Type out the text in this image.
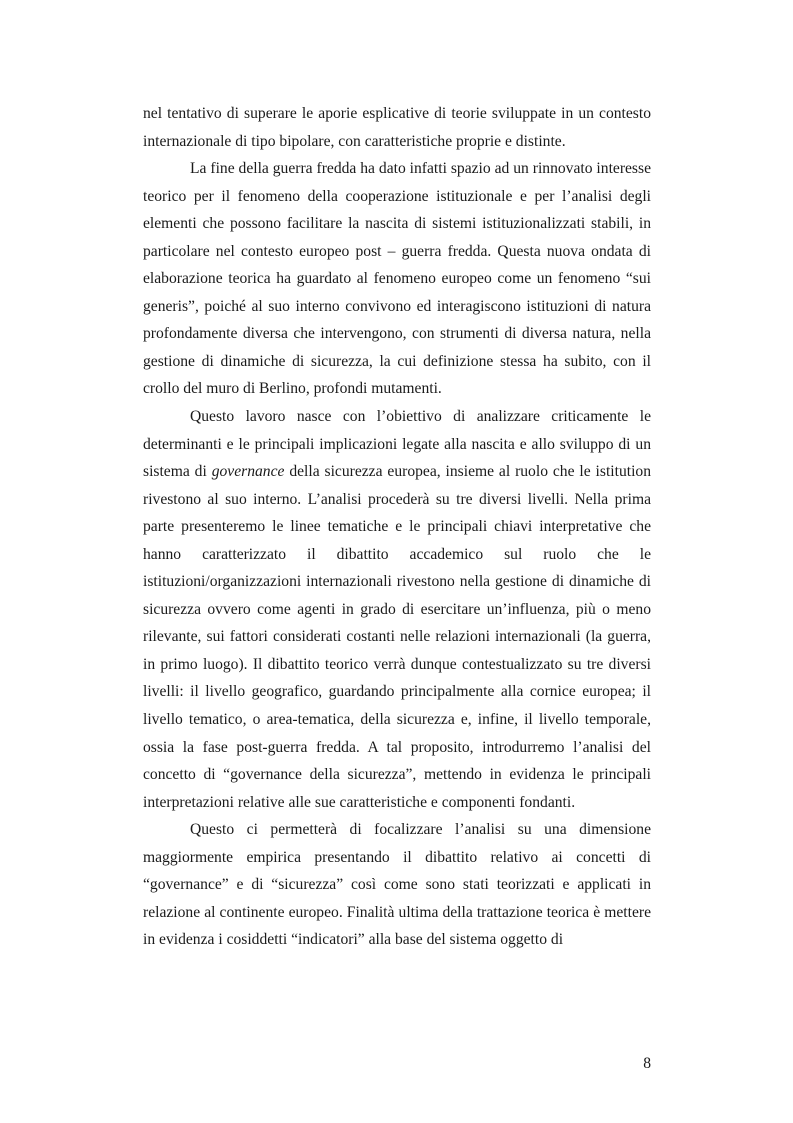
nel tentativo di superare le aporie esplicative di teorie sviluppate in un contesto internazionale di tipo bipolare, con caratteristiche proprie e distinte.

La fine della guerra fredda ha dato infatti spazio ad un rinnovato interesse teorico per il fenomeno della cooperazione istituzionale e per l’analisi degli elementi che possono facilitare la nascita di sistemi istituzionalizzati stabili, in particolare nel contesto europeo post – guerra fredda. Questa nuova ondata di elaborazione teorica ha guardato al fenomeno europeo come un fenomeno “sui generis”, poiché al suo interno convivono ed interagiscono istituzioni di natura profondamente diversa che intervengono, con strumenti di diversa natura, nella gestione di dinamiche di sicurezza, la cui definizione stessa ha subito, con il crollo del muro di Berlino, profondi mutamenti.

Questo lavoro nasce con l’obiettivo di analizzare criticamente le determinanti e le principali implicazioni legate alla nascita e allo sviluppo di un sistema di governance della sicurezza europea, insieme al ruolo che le istitution rivestono al suo interno. L’analisi procederà su tre diversi livelli. Nella prima parte presenteremo le linee tematiche e le principali chiavi interpretative che hanno caratterizzato il dibattito accademico sul ruolo che le istituzioni/organizzazioni internazionali rivestono nella gestione di dinamiche di sicurezza ovvero come agenti in grado di esercitare un’influenza, più o meno rilevante, sui fattori considerati costanti nelle relazioni internazionali (la guerra, in primo luogo). Il dibattito teorico verrà dunque contestualizzato su tre diversi livelli: il livello geografico, guardando principalmente alla cornice europea; il livello tematico, o area-tematica, della sicurezza e, infine, il livello temporale, ossia la fase post-guerra fredda. A tal proposito, introdurremo l’analisi del concetto di “governance della sicurezza”, mettendo in evidenza le principali interpretazioni relative alle sue caratteristiche e componenti fondanti.

Questo ci permetterà di focalizzare l’analisi su una dimensione maggiormente empirica presentando il dibattito relativo ai concetti di “governance” e di “sicurezza” così come sono stati teorizzati e applicati in relazione al continente europeo. Finalità ultima della trattazione teorica è mettere in evidenza i cosiddetti “indicatori” alla base del sistema oggetto di

8
